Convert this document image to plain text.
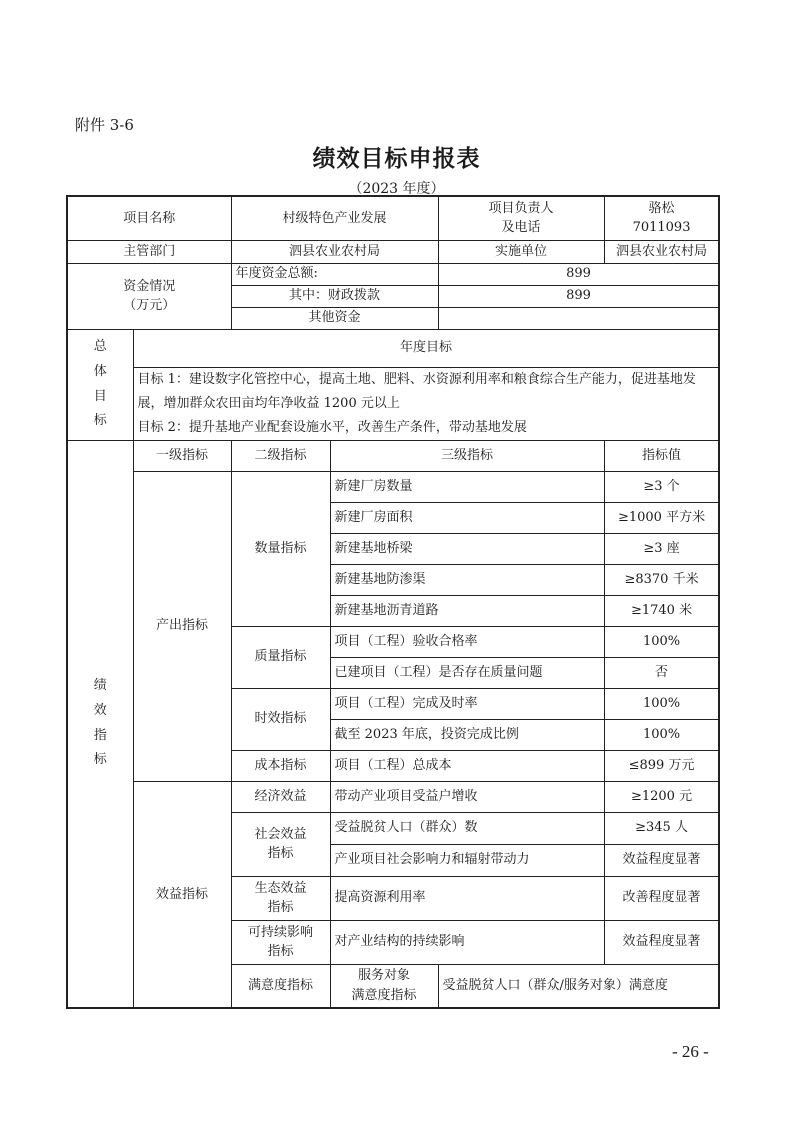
附件 3-6
绩效目标申报表
（2023 年度）
项目名称		村级特色产业发展		项目负责人
及电话	骆松
7011093	
主管部门		泗县农业农村局		实施单位	泗县农业农村局	
资金情况
（万元）		年度资金总额:		899		
		其中：财政拨款		899		
		其他资金				
总
体
目
标	年度目标					

	目标 1：建设数字化管控中心，提高土地、肥料、水资源利用率和粮食综合生产能力，促进基地发展，增加群众农田亩均年净收益 1200 元以上
目标 2：提升基地产业配套设施水平，改善生产条件，带动基地发展					

绩
效
指
标	一级指标	二级指标	三级指标		指标值	
	产出指标	数量指标	新建厂房数量		≥3 个	
			新建厂房面积		≥1000 平方米	
			新建基地桥梁		≥3 座	
			新建基地防渗渠		≥8370 千米	
			新建基地沥青道路		≥1740 米	
		质量指标	项目（工程）验收合格率		100%	
			已建项目（工程）是否存在质量问题		否	
		时效指标	项目（工程）完成及时率		100%	
			截至 2023 年底，投资完成比例		100%	
		成本指标	项目（工程）总成本		≤899 万元	
	效益指标	经济效益	带动产业项目受益户增收		≥1200 元	
		社会效益
指标	受益脱贫人口（群众）数		≥345 人	
			产业项目社会影响力和辐射带动力		效益程度显著	
		生态效益
指标	提高资源利用率		改善程度显著	
		可持续影响
指标	对产业结构的持续影响		效益程度显著	
		满意度指标	服务对象
满意度指标	受益脱贫人口（群众/服务对象）满意度	
- 26 -
